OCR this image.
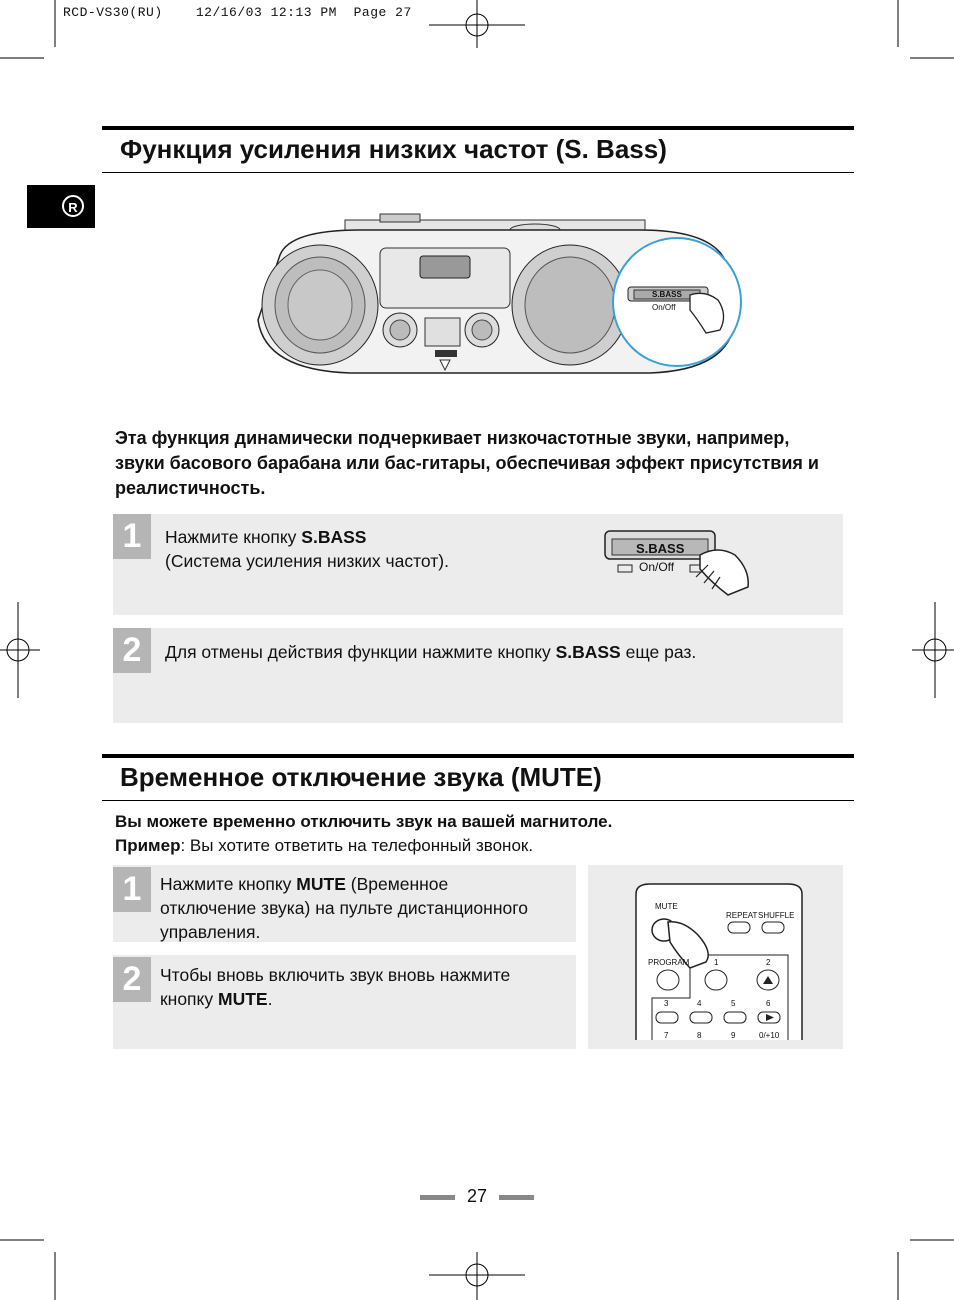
RCD-VS30(RU)	12/16/03 12:13 PM Page 27
R
Функция усиления низких частот (S. Bass)
S.BASS
On/Off
Эта функция динамически подчеркивает низкочастотные звуки, например, звуки басового барабана или бас-гитары, обеспечивая эффект присутствия и реалистичность.
1	Нажмите кнопку S.BASS
(Система усиления низких частот).
S.BASS
On/Off
2	Для отмены действия функции нажмите кнопку S.BASS еще раз.
Временное отключение звука (MUTE)
Вы можете временно отключить звук на вашей магнитоле.
Пример: Вы хотите ответить на телефонный звонок.
1	Нажмите кнопку MUTE (Временное отключение звука) на пульте дистанционного управления.
2	Чтобы вновь включить звук вновь нажмите кнопку MUTE.
MUTE
REPEAT SHUFFLE
PROGRAM	1	2
3	4	5	6
7	8	9	0/+10
27
